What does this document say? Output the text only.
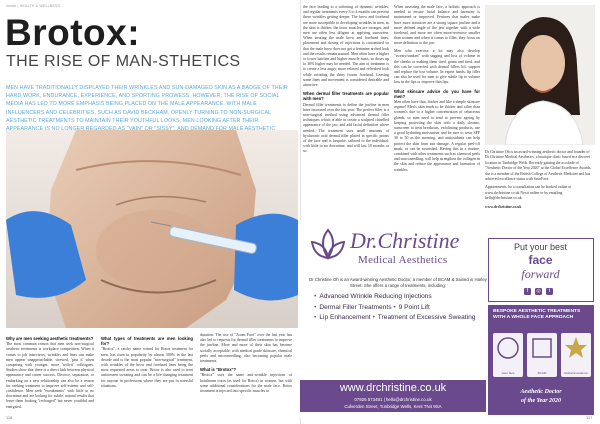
inside | HEALTH & WELLNESS
Brotox:
THE RISE OF MAN-STHETICS
MEN HAVE TRADITIONALLY DISPLAYED THEIR WRINKLES AND SUN-DAMAGED SKIN AS A BADGE OF THEIR HARD WORK, ENDURANCE, EXPERIENCE, AND SPORTING PROWESS. HOWEVER, THE RISE OF SOCIAL MEDIA HAS LED TO MORE EMPHASIS BEING PLACED ON THE MALE APPEARANCE. WITH MALE INFLUENCERS AND CELEBRITIES, SUCH AS DAVID BECKHAM, OPENLY TURNING TO NON-SURGICAL AESTHETIC TREATMENTS TO MAINTAIN THEIR YOUTHFUL LOOKS, MEN LOOKING AFTER THEIR
Why are men seeking aesthetic treatments?

The most common reason that men seek non-surgical aesthetic treatments is workplace competition. When it comes to job interviews, wrinkles and lines can make men appear unapproachable, stressed, 'past it' when competing with younger, more 'with-it' colleagues. Studies show that there is a direct link between physical appearance and career success. Divorce, separation, or embarking on a new relationship can also be a reason for seeking treatment to improve self-esteem and self-confidence. Men seek "tweakments" with little to no downtime and are looking for subtle, natural results that leave them looking "recharged" but never youthful and energised.

What types of treatments are men looking for?

"Brotox", a catchy name coined for Botox treatment for men, has risen in popularity by almost 300% in the last decade and is the most popular "non-surgical" treatment, with wrinkles of the brow and forehead lines being the most requested areas to treat. Botox is also used to treat unforeseen sweating and can be a life-changing treatment for anyone in professions where they are put in stressful situations.

duration. The rise of "Zoom Face" over the last year has also led to requests for dermal filler treatments to improve the jawline. More and more of their skin has become socially acceptable, with medical grade skincare, chemical peels and microneedling, also becoming popular male treatments.

What is "Brotox"?

"Brotox" uses the same anti-wrinkle injections of botulinum toxin (as used for Botox) in women, but with some additional considerations for the male face. Botox treatment is injected into specific muscles to

116

the face leading to a softening of dynamic wrinkles, and regular treatments every 3 to 4 months can prevent these wrinkles getting deeper. The brow and forehead are more susceptible to developing wrinkles in men, as the skin is thicker, the brow muscles are stronger, and men are often less diligent at applying sunscreen. When treating the male brow and forehead lines, placement and dosing of injections is customised so that the male brow does not get a feminine arched look and the results remain natural. Men often have a higher or lower hairline and higher muscle mass, so doses up to 30% higher may be needed. The aim of treatment is to create a less angry, more relaxed and refreshed look while avoiding the shiny frozen forehead. Leaving some lines and movement is considered desirable and attractive.

When dermal filler treatments are popular with men?

Dermal filler treatments to define the jawline in men have increased over the last year. The perfect filler is a non-surgical method using advanced dermal filler techniques which is able to create a sculpted chiselled appearance of the jaw, and add facial definition where needed. The treatment uses small amounts of hyaluronic acid dermal filler placed in specific points of the face and is bespoke, tailored to the individual, with little to no downtime, and will last 18 months or so.

When assessing the male face, a holistic approach is needed to ensure facial balance and harmony is maintained or improved. Features that males make have more attractive are a strong square jawline and a more defined angle of the jaw together with a wide forehead, and more are often more/recessive smaller than women and when it comes to filler, they focus on more definition to the jaw.

Men who exercise a lot may also develop "sweaty/sunken" with sagging and loss of volume in the cheeks or making them tired, gaunt and tired, and this can be corrected with dermal fillers lift, support and replace the lost volume. In expert hands, lip filler can also be used for men to give subtle lip to volume loss in the lips or improve thin lips.

What skincare advice do you have for men?

Men often have thin, thicker and like a simple skincare regime! Men's skin tends to be thicker and oilier than women's due to a higher concentration of sebaceous glands, so men need to tend to prevent ageing by keeping protecting the skin with a daily cleanse, sunscreen to treat breakouts, exfoliating products, use a good hydrating moisturiser and be sure to wear SPF 30 to 50 as the morning, and antioxidants can help protect the skin from sun damage. A regular peel-off mask, or can be nourished. Having this in a routine, combined with other treatments such as chemical peels and microneedling, will help strengthen the collagen in the skin and reduce the appearance and formation of wrinkles.

Dr Christine Oh is an award-winning aesthetic doctor and founder of Dr Christine Medical Aesthetics, a boutique clinic based in a discreet location in Tunbridge Wells. Recently gaining the accolade of "Aesthetic Doctor of the Year 2020" at the Global Excellence Awards, she is a member of the British College of Aesthetic Medicine and has achieved excellence status with SaveFace.

Appointments for a consultation can be booked online at www.drchristine.co.uk Nexit online or by emailing hello@drchristine.co.uk.

www.drchristine.co.uk
Dr.Christine
Medical Aesthetics
Dr Christine Oh is an Award-winning Aesthetic Doctor, a member of BCAM & trained in Harley Street. She offers a range of treatments, including:
• Advanced Wrinkle Reducing Injections
• Dermal Filler Treatments • 9 Point Lift
• Lip Enhancement • Treatment of Excessive Sweating
www.drchristine.co.uk
07926 573481 | hello@drchristine.co.uk
Culverden Street, Tunbridge Wells, Kent TN4 9SA
Put your best
face
forward
f	◎	t
BESPOKE AESTHETIC TREATMENTS WITH A WHOLE FACE APPROACH
save face	BCAM	Global Excellence
Aesthetic Doctor
of the Year 2020
117
